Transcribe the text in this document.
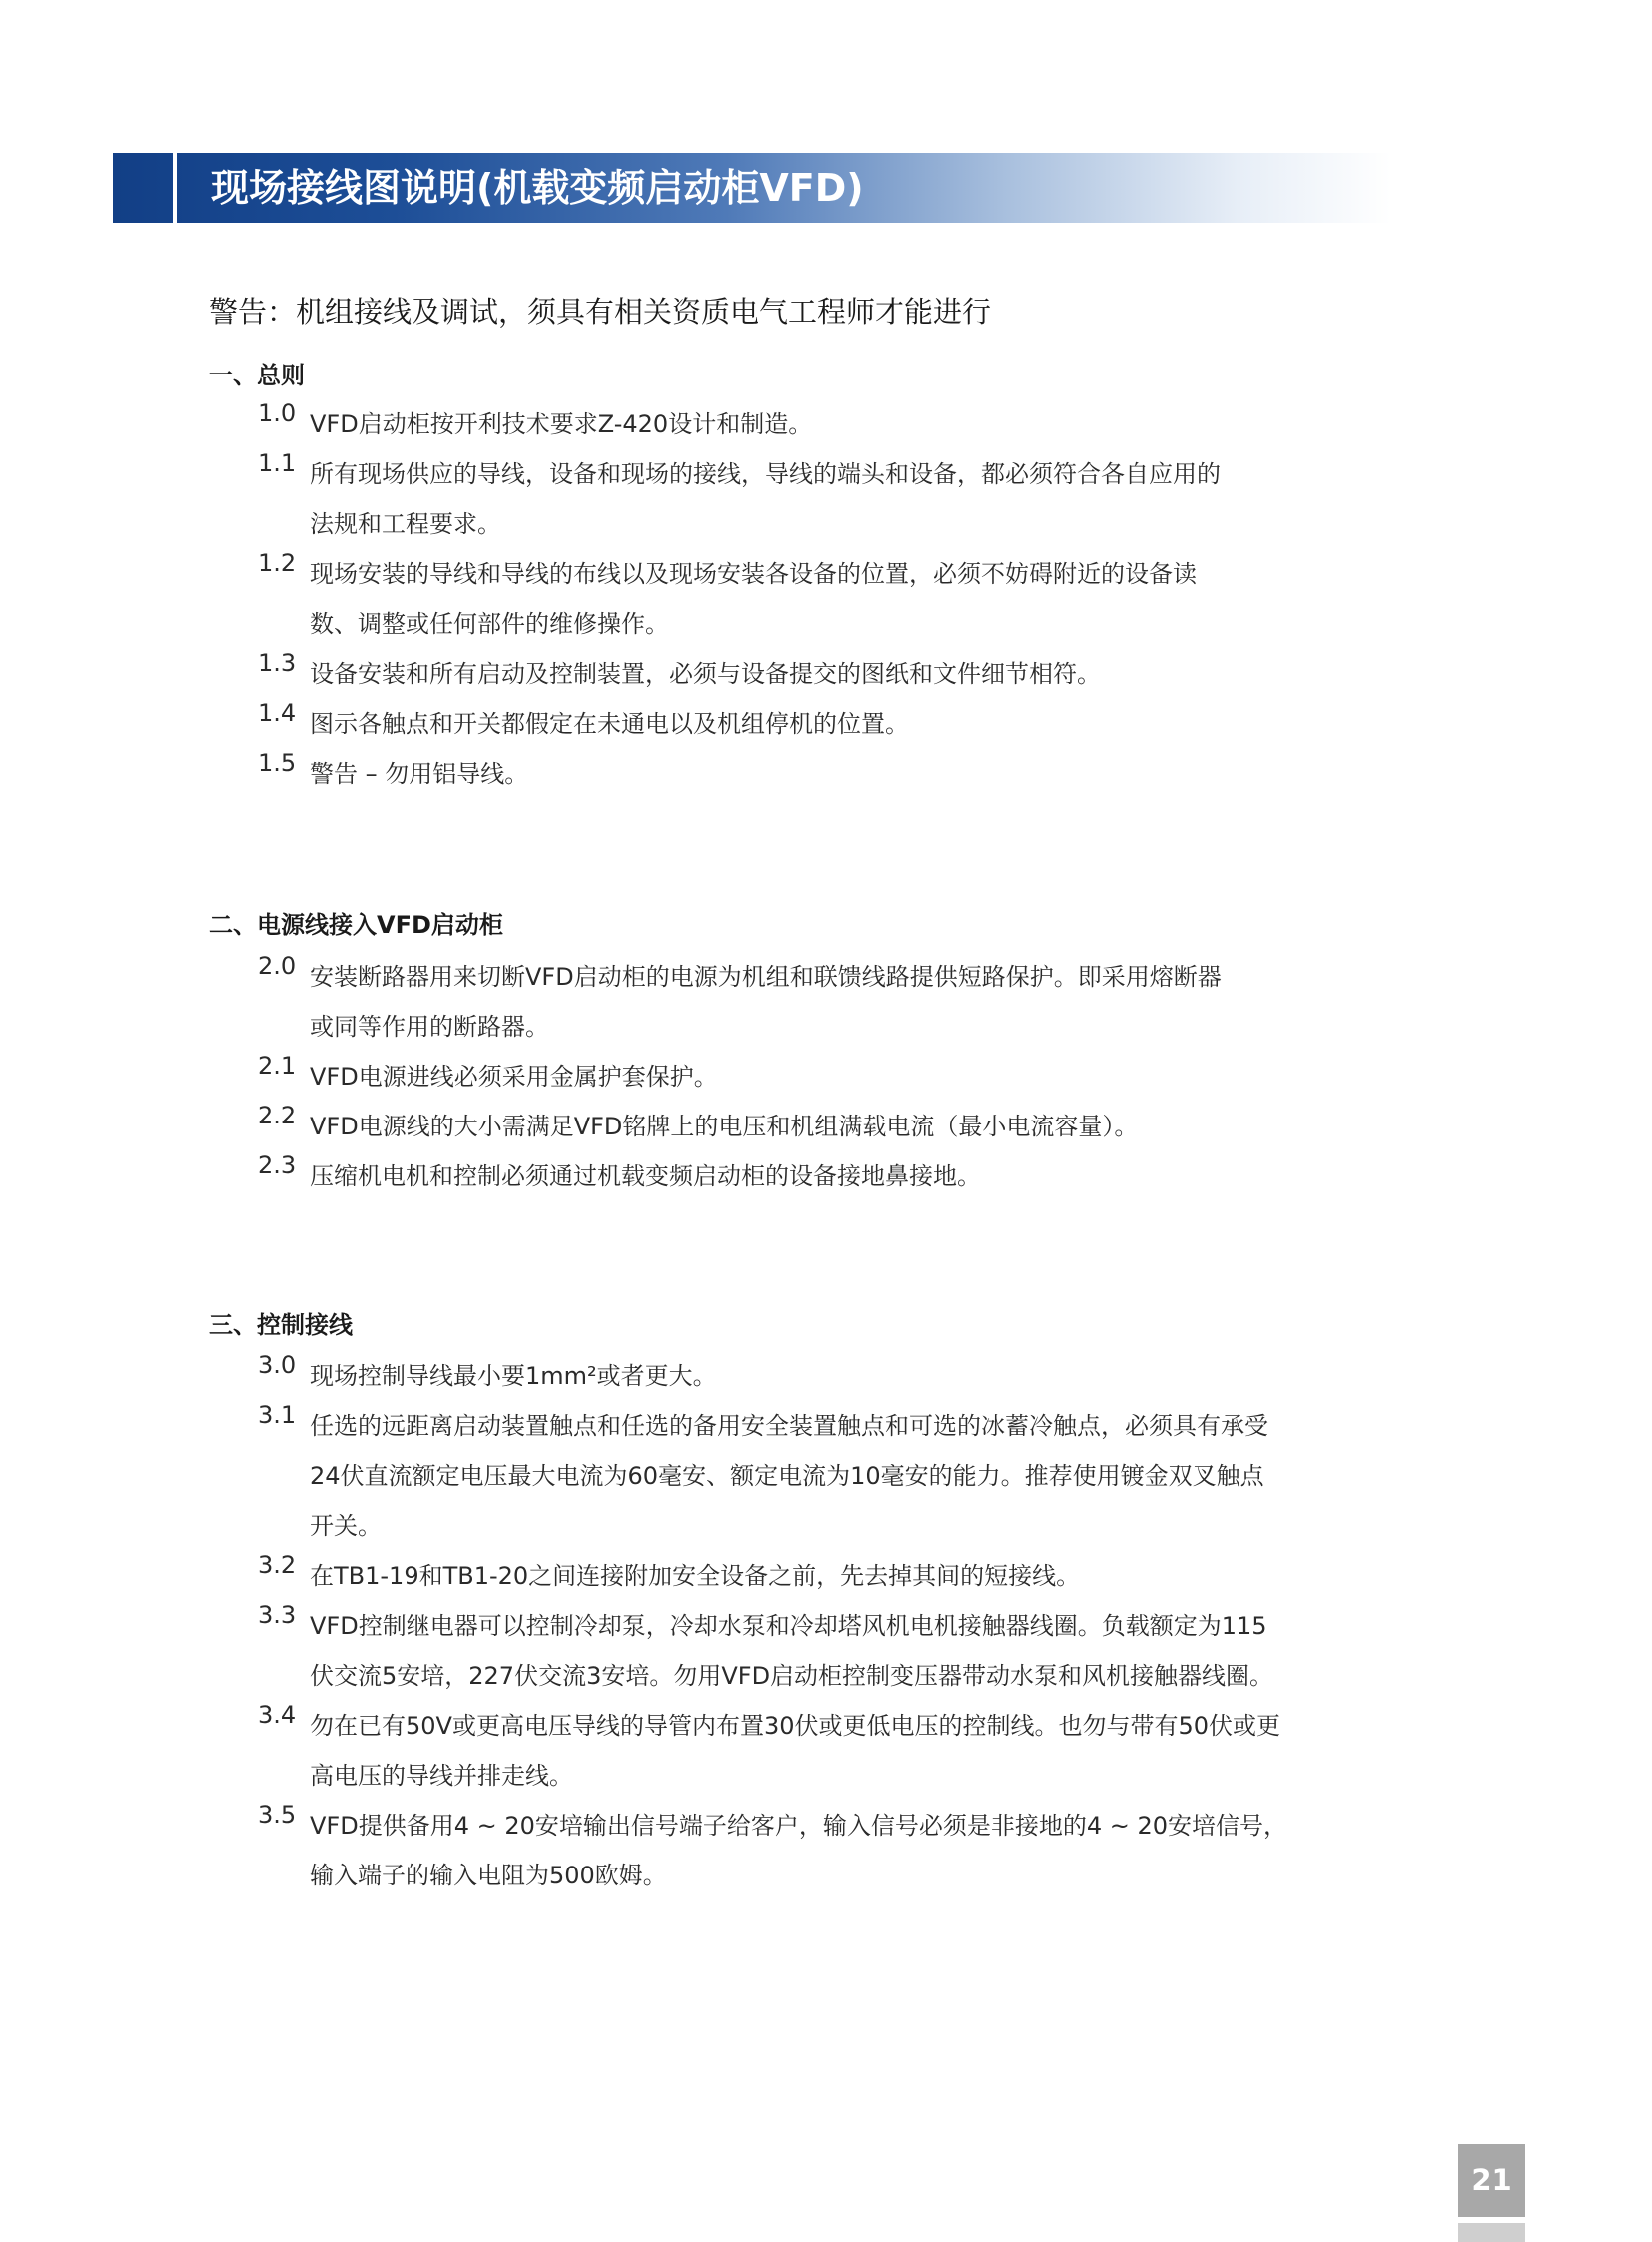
现场接线图说明(机载变频启动柜VFD)
警告：机组接线及调试，须具有相关资质电气工程师才能进行
一、总则
1.0 VFD启动柜按开利技术要求Z-420设计和制造。
1.1 所有现场供应的导线，设备和现场的接线，导线的端头和设备，都必须符合各自应用的
法规和工程要求。
1.2 现场安装的导线和导线的布线以及现场安装各设备的位置，必须不妨碍附近的设备读
数、调整或任何部件的维修操作。
1.3 设备安装和所有启动及控制装置，必须与设备提交的图纸和文件细节相符。
1.4 图示各触点和开关都假定在未通电以及机组停机的位置。
1.5 警告 – 勿用铝导线。
二、电源线接入VFD启动柜
2.0 安装断路器用来切断VFD启动柜的电源为机组和联馈线路提供短路保护。即采用熔断器
或同等作用的断路器。
2.1 VFD电源进线必须采用金属护套保护。
2.2 VFD电源线的大小需满足VFD铭牌上的电压和机组满载电流（最小电流容量）。
2.3 压缩机电机和控制必须通过机载变频启动柜的设备接地鼻接地。
三、控制接线
3.0 现场控制导线最小要1mm²或者更大。
3.1 任选的远距离启动装置触点和任选的备用安全装置触点和可选的冰蓄冷触点，必须具有承受
24伏直流额定电压最大电流为60毫安、额定电流为10毫安的能力。推荐使用镀金双叉触点
开关。
3.2 在TB1-19和TB1-20之间连接附加安全设备之前，先去掉其间的短接线。
3.3 VFD控制继电器可以控制冷却泵，冷却水泵和冷却塔风机电机接触器线圈。负载额定为115
伏交流5安培，227伏交流3安培。勿用VFD启动柜控制变压器带动水泵和风机接触器线圈。
3.4 勿在已有50V或更高电压导线的导管内布置30伏或更低电压的控制线。也勿与带有50伏或更
高电压的导线并排走线。
3.5 VFD提供备用4 ~ 20安培输出信号端子给客户，输入信号必须是非接地的4 ~ 20安培信号，
输入端子的输入电阻为500欧姆。
21
